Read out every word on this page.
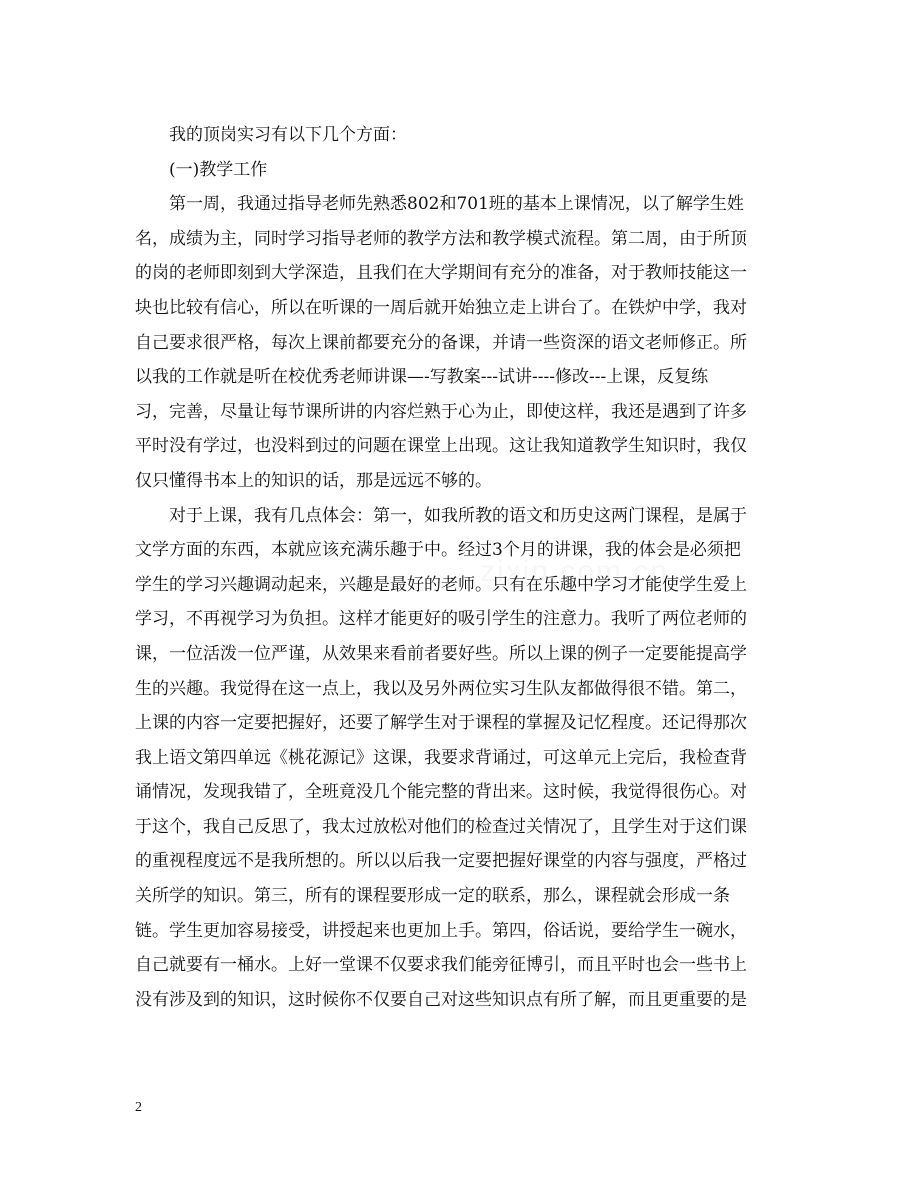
　　我的顶岗实习有以下几个方面：
　　(一)教学工作
　　第一周，我通过指导老师先熟悉802和701班的基本上课情况，以了解学生姓
名，成绩为主，同时学习指导老师的教学方法和教学模式流程。第二周，由于所顶
的岗的老师即刻到大学深造，且我们在大学期间有充分的准备，对于教师技能这一
块也比较有信心，所以在听课的一周后就开始独立走上讲台了。在铁炉中学，我对
自己要求很严格，每次上课前都要充分的备课，并请一些资深的语文老师修正。所
以我的工作就是听在校优秀老师讲课—-写教案---试讲----修改---上课，反复练
习，完善，尽量让每节课所讲的内容烂熟于心为止，即使这样，我还是遇到了许多
平时没有学过，也没料到过的问题在课堂上出现。这让我知道教学生知识时，我仅
仅只懂得书本上的知识的话，那是远远不够的。
　　对于上课，我有几点体会：第一，如我所教的语文和历史这两门课程，是属于
文学方面的东西，本就应该充满乐趣于中。经过3个月的讲课，我的体会是必须把
学生的学习兴趣调动起来，兴趣是最好的老师。只有在乐趣中学习才能使学生爱上
学习，不再视学习为负担。这样才能更好的吸引学生的注意力。我听了两位老师的
课，一位活泼一位严谨，从效果来看前者要好些。所以上课的例子一定要能提高学
生的兴趣。我觉得在这一点上，我以及另外两位实习生队友都做得很不错。第二，
上课的内容一定要把握好，还要了解学生对于课程的掌握及记忆程度。还记得那次
我上语文第四单远《桃花源记》这课，我要求背诵过，可这单元上完后，我检查背
诵情况，发现我错了，全班竟没几个能完整的背出来。这时候，我觉得很伤心。对
于这个，我自己反思了，我太过放松对他们的检查过关情况了，且学生对于这们课
的重视程度远不是我所想的。所以以后我一定要把握好课堂的内容与强度，严格过
关所学的知识。第三，所有的课程要形成一定的联系，那么，课程就会形成一条
链。学生更加容易接受，讲授起来也更加上手。第四，俗话说，要给学生一碗水，
自己就要有一桶水。上好一堂课不仅要求我们能旁征博引，而且平时也会一些书上
没有涉及到的知识，这时候你不仅要自己对这些知识点有所了解，而且更重要的是
2
